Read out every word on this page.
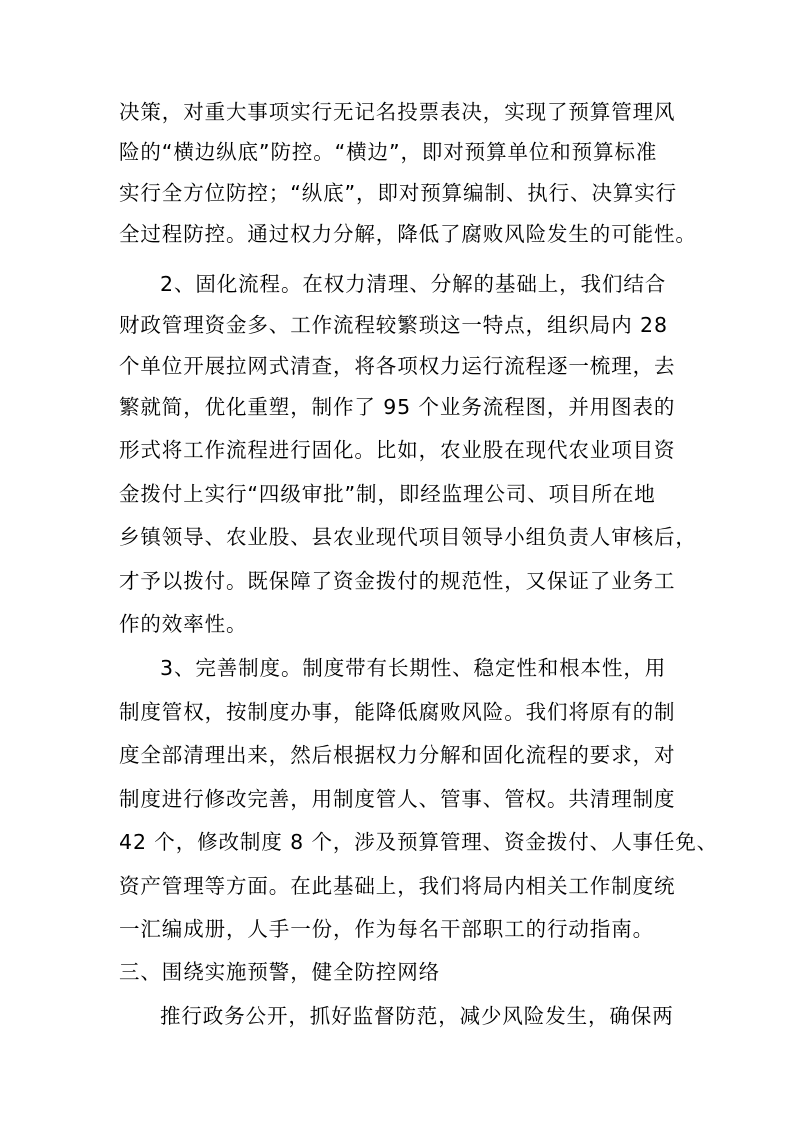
决策，对重大事项实行无记名投票表决，实现了预算管理风
险的“横边纵底”防控。“横边”，即对预算单位和预算标准
实行全方位防控；“纵底”，即对预算编制、执行、决算实行
全过程防控。通过权力分解，降低了腐败风险发生的可能性。
2、固化流程。在权力清理、分解的基础上，我们结合
财政管理资金多、工作流程较繁琐这一特点，组织局内 28
个单位开展拉网式清查，将各项权力运行流程逐一梳理，去
繁就简，优化重塑，制作了 95 个业务流程图，并用图表的
形式将工作流程进行固化。比如，农业股在现代农业项目资
金拨付上实行“四级审批”制，即经监理公司、项目所在地
乡镇领导、农业股、县农业现代项目领导小组负责人审核后，
才予以拨付。既保障了资金拨付的规范性，又保证了业务工
作的效率性。
3、完善制度。制度带有长期性、稳定性和根本性，用
制度管权，按制度办事，能降低腐败风险。我们将原有的制
度全部清理出来，然后根据权力分解和固化流程的要求，对
制度进行修改完善，用制度管人、管事、管权。共清理制度
42 个，修改制度 8 个，涉及预算管理、资金拨付、人事任免、
资产管理等方面。在此基础上，我们将局内相关工作制度统
一汇编成册，人手一份，作为每名干部职工的行动指南。
三、围绕实施预警，健全防控网络
推行政务公开，抓好监督防范，减少风险发生，确保两
